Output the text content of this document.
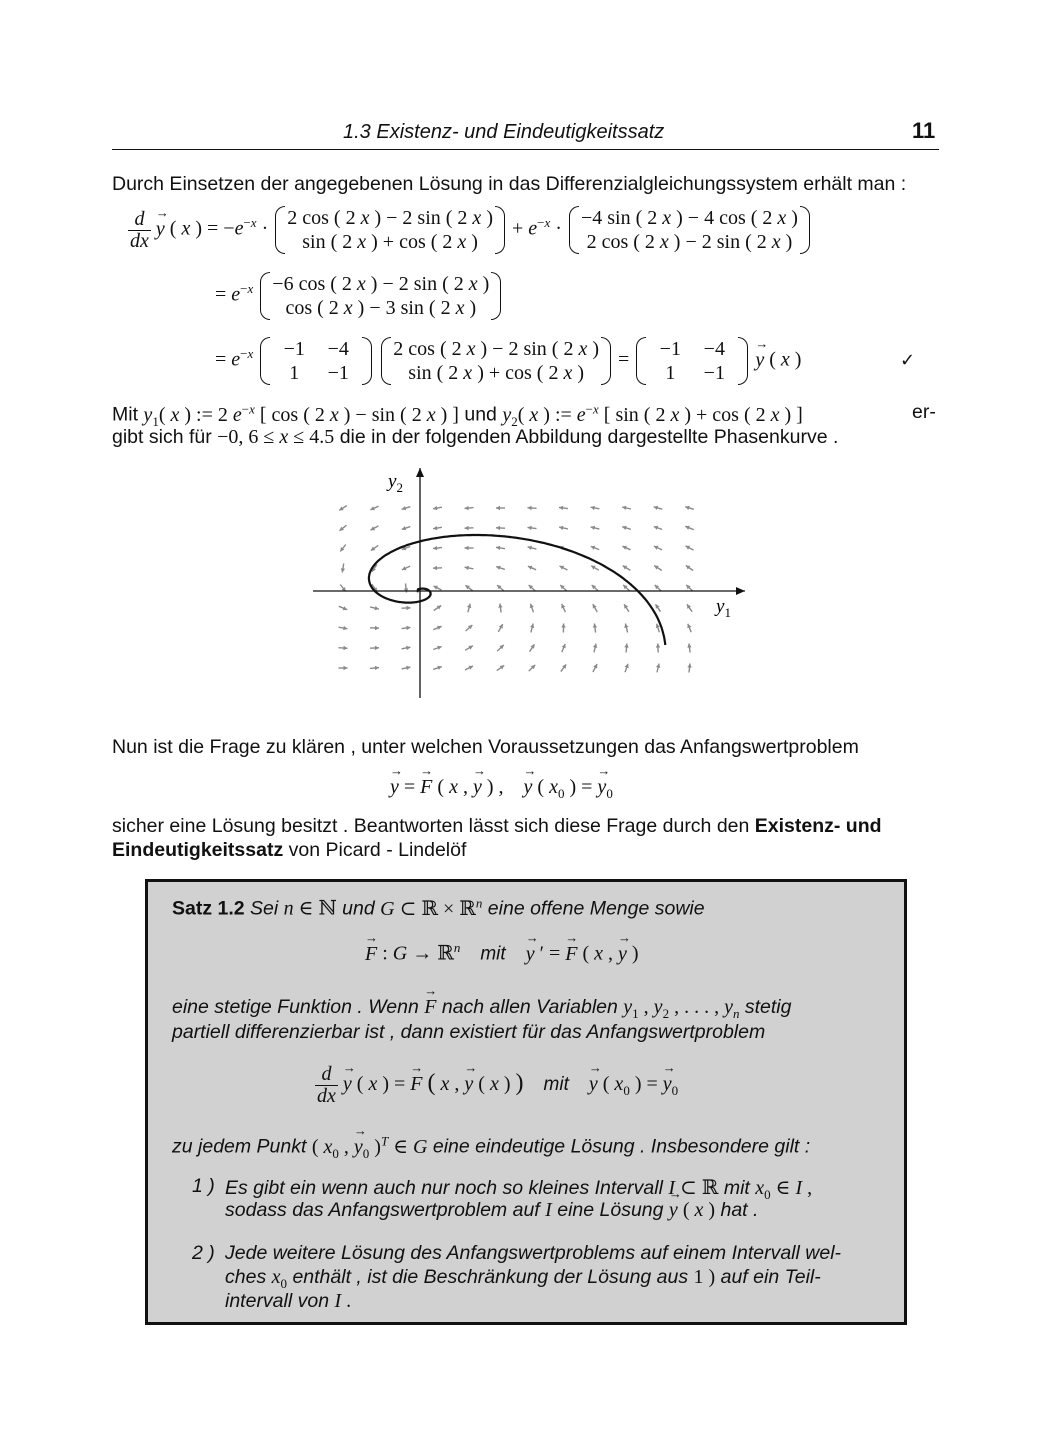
1.3 Existenz- und Eindeutigkeitssatz	11
Durch Einsetzen der angegebenen Lösung in das Differenzialgleichungssystem erhält man :
$\frac{d}{dx}$
→ y ( x ) = $-e^{-x} \cdot 2$ cos ( 2 x ) − 2 sin ( 2 x )
sin ( 2 x ) + cos ( 2 x )
+ $e^{-x} \cdot -4$ sin ( 2 x ) − 4 cos ( 2 x )
2 cos ( 2 x ) − 2 sin ( 2 x )
= $e^{-x} -6$ cos ( 2 x ) − 2 sin ( 2 x )
cos ( 2 x ) − 3 sin ( 2 x )
= $e^{-x}$	−1 −4
1 −1

2 cos ( 2 x ) − 2 sin ( 2 x )
sin ( 2 x ) + cos ( 2 x )
=	−1 −4
1 −1
→ y ( x )	✓
Mit $y_1$( x ) := 2 $e^{-x}$ [ cos ( 2 x ) − sin ( 2 x ) ] und $y_2$( x ) := $e^{-x}$ [ sin ( 2 x ) + cos ( 2 x ) ]	er-
gibt sich für −0, 6 ≤ x ≤ 4.5 die in der folgenden Abbildung dargestellte Phasenkurve .
$y_2$
$y_1$
Nun ist die Frage zu klären , unter welchen Voraussetzungen das Anfangswertproblem
→ y = → F ( x , → y ) ,    → y ( $x_0$ ) = → $y_0$
sicher eine Lösung besitzt . Beantworten lässt sich diese Frage durch den Existenz- und
Eindeutigkeitssatz von Picard - Lindelöf
Satz 1.2 Sei n ∈ ℕ und G ⊂ ℝ × ℝ$^n$ eine offene Menge sowie
→ F : G → ℝ$^n$ mit    → y ′ = → F ( x , → y )
eine stetige Funktion . Wenn → F nach allen Variablen $y_1$ , $y_2$ , . . . , $y_n$ stetig
partiell differenzierbar ist , dann existiert für das Anfangswertproblem
$\frac{d}{dx}$
→ y ( x ) = → F ( x , → y ( x ) ) mit    → y ( $x_0$ ) = → $y_0$
zu jedem Punkt ( $x_0$ , → $y_0$ )$^T$ ∈ G eine eindeutige Lösung . Insbesondere gilt :
1 ) Es gibt ein wenn auch nur noch so kleines Intervall I ⊂ ℝ mit $x_0$ ∈ I ,
sodass das Anfangswertproblem auf I eine Lösung → y ( x ) hat .
2 ) Jede weitere Lösung des Anfangswertproblems auf einem Intervall wel-
ches $x_0$ enthält , ist die Beschränkung der Lösung aus 1 ) auf ein Teil-
intervall von I .
